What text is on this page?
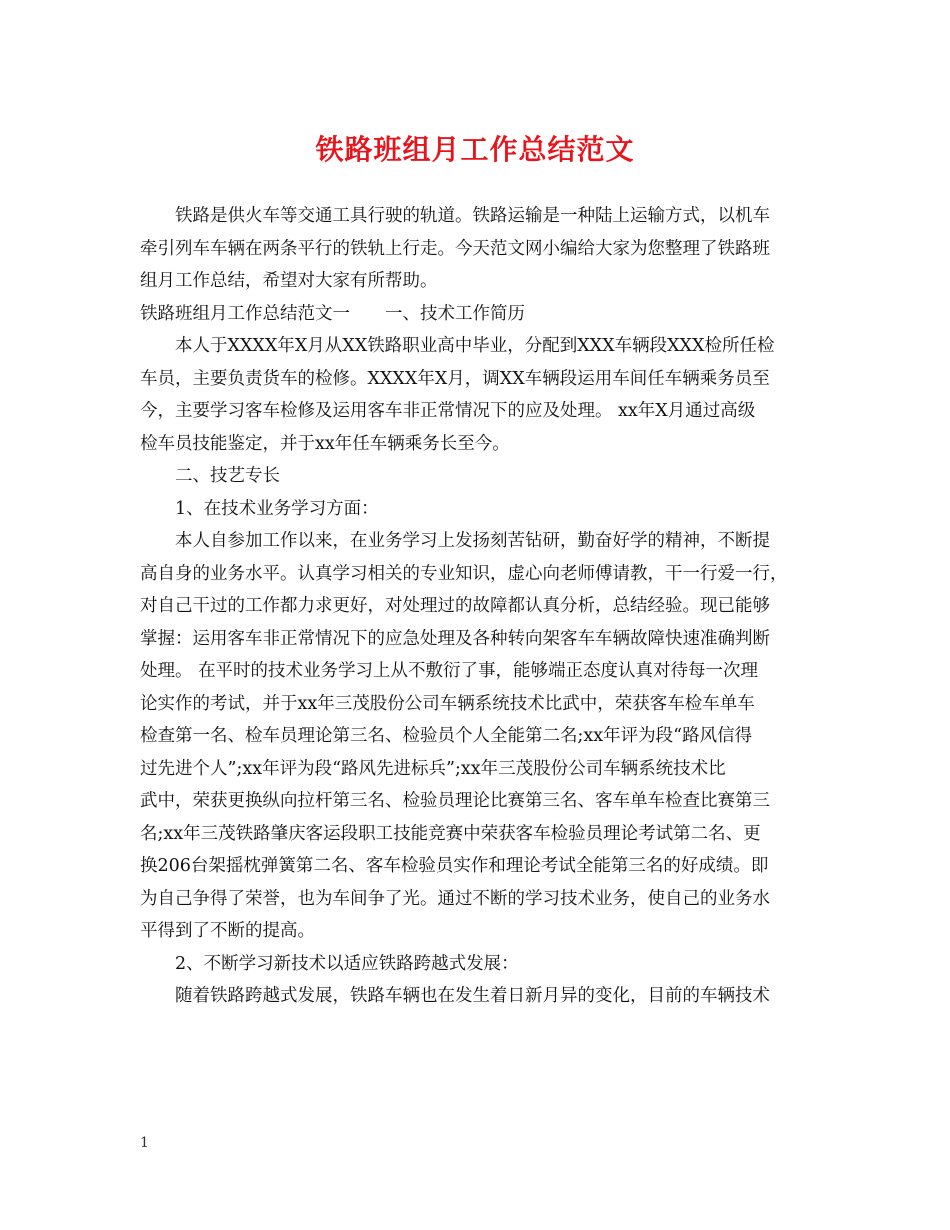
铁路班组月工作总结范文
铁路是供火车等交通工具行驶的轨道。铁路运输是一种陆上运输方式，以机车
牵引列车车辆在两条平行的铁轨上行走。今天范文网小编给大家为您整理了铁路班
组月工作总结，希望对大家有所帮助。
铁路班组月工作总结范文一　　一、技术工作简历
本人于XXXX年X月从XX铁路职业高中毕业，分配到XXX车辆段XXX检所任检
车员，主要负责货车的检修。XXXX年X月，调XX车辆段运用车间任车辆乘务员至
今，主要学习客车检修及运用客车非正常情况下的应及处理。 xx年X月通过高级
检车员技能鉴定，并于xx年任车辆乘务长至今。
二、技艺专长
1、在技术业务学习方面：
本人自参加工作以来，在业务学习上发扬刻苦钻研，勤奋好学的精神，不断提
高自身的业务水平。认真学习相关的专业知识，虚心向老师傅请教，干一行爱一行，
对自己干过的工作都力求更好，对处理过的故障都认真分析，总结经验。现已能够
掌握：运用客车非正常情况下的应急处理及各种转向架客车车辆故障快速准确判断
处理。 在平时的技术业务学习上从不敷衍了事，能够端正态度认真对待每一次理
论实作的考试，并于xx年三茂股份公司车辆系统技术比武中，荣获客车检车单车
检查第一名、检车员理论第三名、检验员个人全能第二名;xx年评为段“路风信得
过先进个人”;xx年评为段“路风先进标兵”;xx年三茂股份公司车辆系统技术比
武中，荣获更换纵向拉杆第三名、检验员理论比赛第三名、客车单车检查比赛第三
名;xx年三茂铁路肇庆客运段职工技能竞赛中荣获客车检验员理论考试第二名、更
换206台架摇枕弹簧第二名、客车检验员实作和理论考试全能第三名的好成绩。即
为自己争得了荣誉，也为车间争了光。通过不断的学习技术业务，使自己的业务水
平得到了不断的提高。
2、不断学习新技术以适应铁路跨越式发展：
随着铁路跨越式发展，铁路车辆也在发生着日新月异的变化，目前的车辆技术
1
